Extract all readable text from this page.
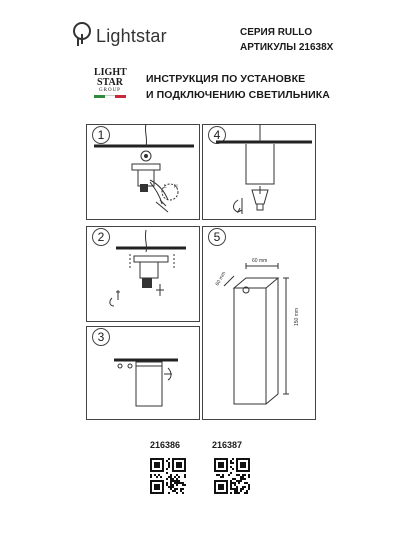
Lightstar	СЕРИЯ RULLO
АРТИКУЛЫ 21638X
LIGHT
STAR
GROUP
ИНСТРУКЦИЯ ПО УСТАНОВКЕ
И ПОДКЛЮЧЕНИЮ СВЕТИЛЬНИКА
1
L N
4
2	5
60 mm
60 mm
150 mm
3
216386	216387
